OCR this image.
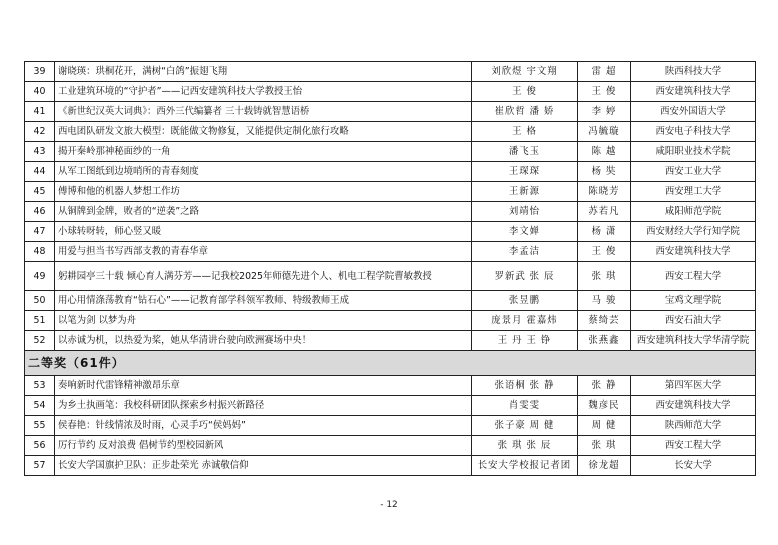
39	谢晓瑛：珙桐花开，满树“白鸽”振翅飞翔	刘欣煜 宇文翔	雷 超	陕西科技大学
40	工业建筑环境的“守护者”——记西安建筑科技大学教授王怡	王 俊	王 俊	西安建筑科技大学
41	《新世纪汉英大词典》：西外三代编纂者 三十载铸就智慧语桥	崔欣哲 潘 娇	李 婷	西安外国语大学
42	西电团队研发文旅大模型：既能做文物修复，又能提供定制化旅行攻略	王 格	冯毓璇	西安电子科技大学
43	揭开秦岭那神秘面纱的一角	潘飞玉	陈 越	咸阳职业技术学院
44	从军工图纸到边境哨所的青春刻度	王琛琛	杨 奘	西安工业大学
45	傅博和他的机器人梦想工作坊	王新源	陈晓芳	西安理工大学
46	从铜牌到金牌，败者的“逆袭”之路	刘靖怡	苏若凡	咸阳师范学院
47	小球转呀转，师心竖又暖	李文婵	杨 潇	西安财经大学行知学院
48	用爱与担当书写西部支教的青春华章	李孟洁	王 俊	西安建筑科技大学
49	躬耕园亭三十载 倾心育人满芬芳——记我校2025年师德先进个人、机电工程学院曹敏教授	罗新武 张 辰	张 琪	西安工程大学
50	用心用情涤荡教育“钻石心”——记教育部学科领军教师、特级教师王成	张昱鹏	马 骏	宝鸡文理学院
51	以笔为剑 以梦为舟	庞景月 霍嘉炜	蔡绮芸	西安石油大学
52	以赤诚为机，以热爱为桨，她从华清讲台驶向欧洲赛场中央！	王 丹 王 铮	张燕鑫	西安建筑科技大学华清学院
二等奖（61件）				
53	奏响新时代雷锋精神激昂乐章	张语桐 张 静	张 静	第四军医大学
54	为乡土执画笔：我校科研团队探索乡村振兴新路径	肖雯雯	魏彦民	西安建筑科技大学
55	侯春艳：针线情浓及时雨，心灵手巧“侯妈妈”	张子豪 周 健	周 健	陕西师范大学
56	厉行节约 反对浪费 倡树节约型校园新风	张 琪 张 辰	张 琪	西安工程大学
57	长安大学国旗护卫队：正步赴荣光 赤诚敬信仰	长安大学校报记者团	徐龙超	长安大学
- 12
